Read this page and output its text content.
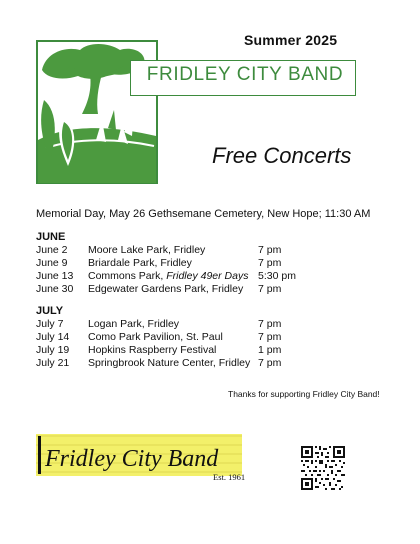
Summer 2025
FRIDLEY CITY BAND
Free Concerts
Memorial Day, May 26 Gethsemane Cemetery, New Hope; 11:30 AM
JUNE
June 2 Moore Lake Park, Fridley	7 pm
June 9 Briardale Park, Fridley	7 pm
June 13 Commons Park, Fridley 49er Days 5:30 pm
June 30 Edgewater Gardens Park, Fridley 7 pm
JULY
July 7 Logan Park, Fridley	7 pm
July 14 Como Park Pavilion, St. Paul	7 pm
July 19 Hopkins Raspberry Festival	1 pm
July 21 Springbrook Nature Center, Fridley 7 pm
Thanks for supporting Fridley City Band!
Fridley City Band
Est. 1961
